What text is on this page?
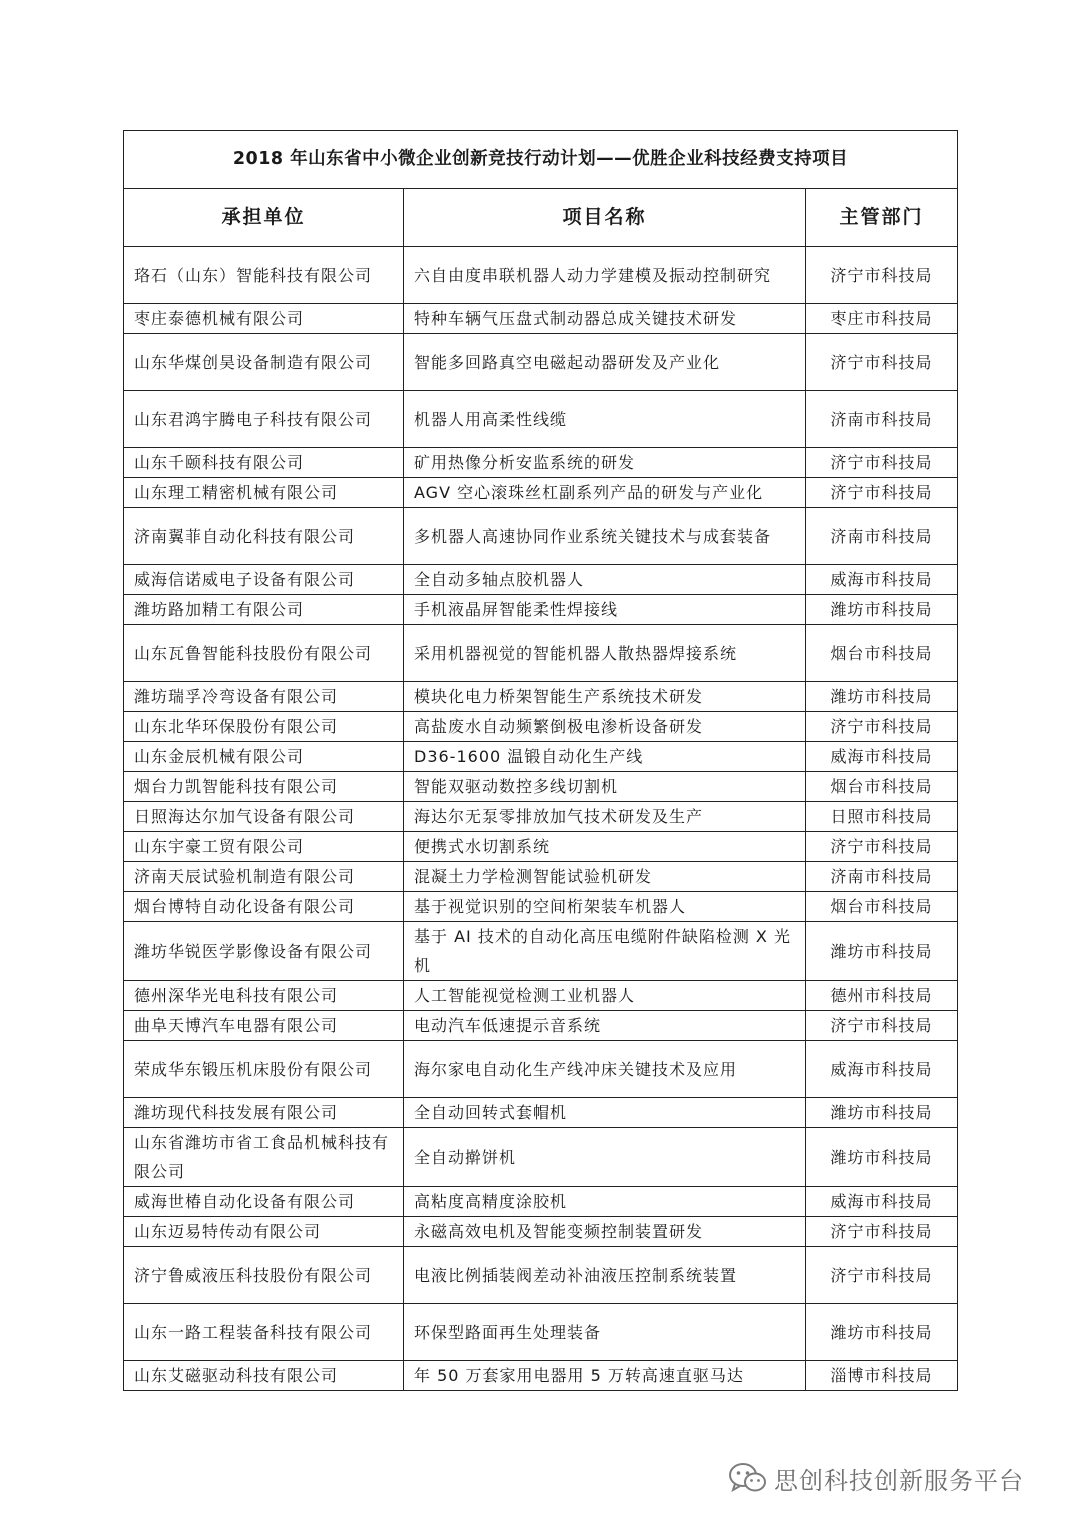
2018 年山东省中小微企业创新竞技行动计划——优胜企业科技经费支持项目		
承担单位	项目名称	主管部门
珞石（山东）智能科技有限公司	六自由度串联机器人动力学建模及振动控制研究	济宁市科技局
枣庄泰德机械有限公司	特种车辆气压盘式制动器总成关键技术研发	枣庄市科技局
山东华煤创昊设备制造有限公司	智能多回路真空电磁起动器研发及产业化	济宁市科技局
山东君鸿宇腾电子科技有限公司	机器人用高柔性线缆	济南市科技局
山东千颐科技有限公司	矿用热像分析安监系统的研发	济宁市科技局
山东理工精密机械有限公司	AGV 空心滚珠丝杠副系列产品的研发与产业化	济宁市科技局
济南翼菲自动化科技有限公司	多机器人高速协同作业系统关键技术与成套装备	济南市科技局
威海信诺威电子设备有限公司	全自动多轴点胶机器人	威海市科技局
潍坊路加精工有限公司	手机液晶屏智能柔性焊接线	潍坊市科技局
山东瓦鲁智能科技股份有限公司	采用机器视觉的智能机器人散热器焊接系统	烟台市科技局
潍坊瑞孚冷弯设备有限公司	模块化电力桥架智能生产系统技术研发	潍坊市科技局
山东北华环保股份有限公司	高盐废水自动频繁倒极电渗析设备研发	济宁市科技局
山东金辰机械有限公司	D36-1600 温锻自动化生产线	威海市科技局
烟台力凯智能科技有限公司	智能双驱动数控多线切割机	烟台市科技局
日照海达尔加气设备有限公司	海达尔无泵零排放加气技术研发及生产	日照市科技局
山东宇豪工贸有限公司	便携式水切割系统	济宁市科技局
济南天辰试验机制造有限公司	混凝土力学检测智能试验机研发	济南市科技局
烟台博特自动化设备有限公司	基于视觉识别的空间桁架装车机器人	烟台市科技局
潍坊华锐医学影像设备有限公司	基于 AI 技术的自动化高压电缆附件缺陷检测 X 光机	潍坊市科技局
德州深华光电科技有限公司	人工智能视觉检测工业机器人	德州市科技局
曲阜天博汽车电器有限公司	电动汽车低速提示音系统	济宁市科技局
荣成华东锻压机床股份有限公司	海尔家电自动化生产线冲床关键技术及应用	威海市科技局
潍坊现代科技发展有限公司	全自动回转式套帽机	潍坊市科技局
山东省潍坊市省工食品机械科技有限公司	全自动擀饼机	潍坊市科技局
威海世椿自动化设备有限公司	高粘度高精度涂胶机	威海市科技局
山东迈易特传动有限公司	永磁高效电机及智能变频控制装置研发	济宁市科技局
济宁鲁威液压科技股份有限公司	电液比例插装阀差动补油液压控制系统装置	济宁市科技局
山东一路工程装备科技有限公司	环保型路面再生处理装备	潍坊市科技局
山东艾磁驱动科技有限公司	年 50 万套家用电器用 5 万转高速直驱马达	淄博市科技局
思创科技创新服务平台
